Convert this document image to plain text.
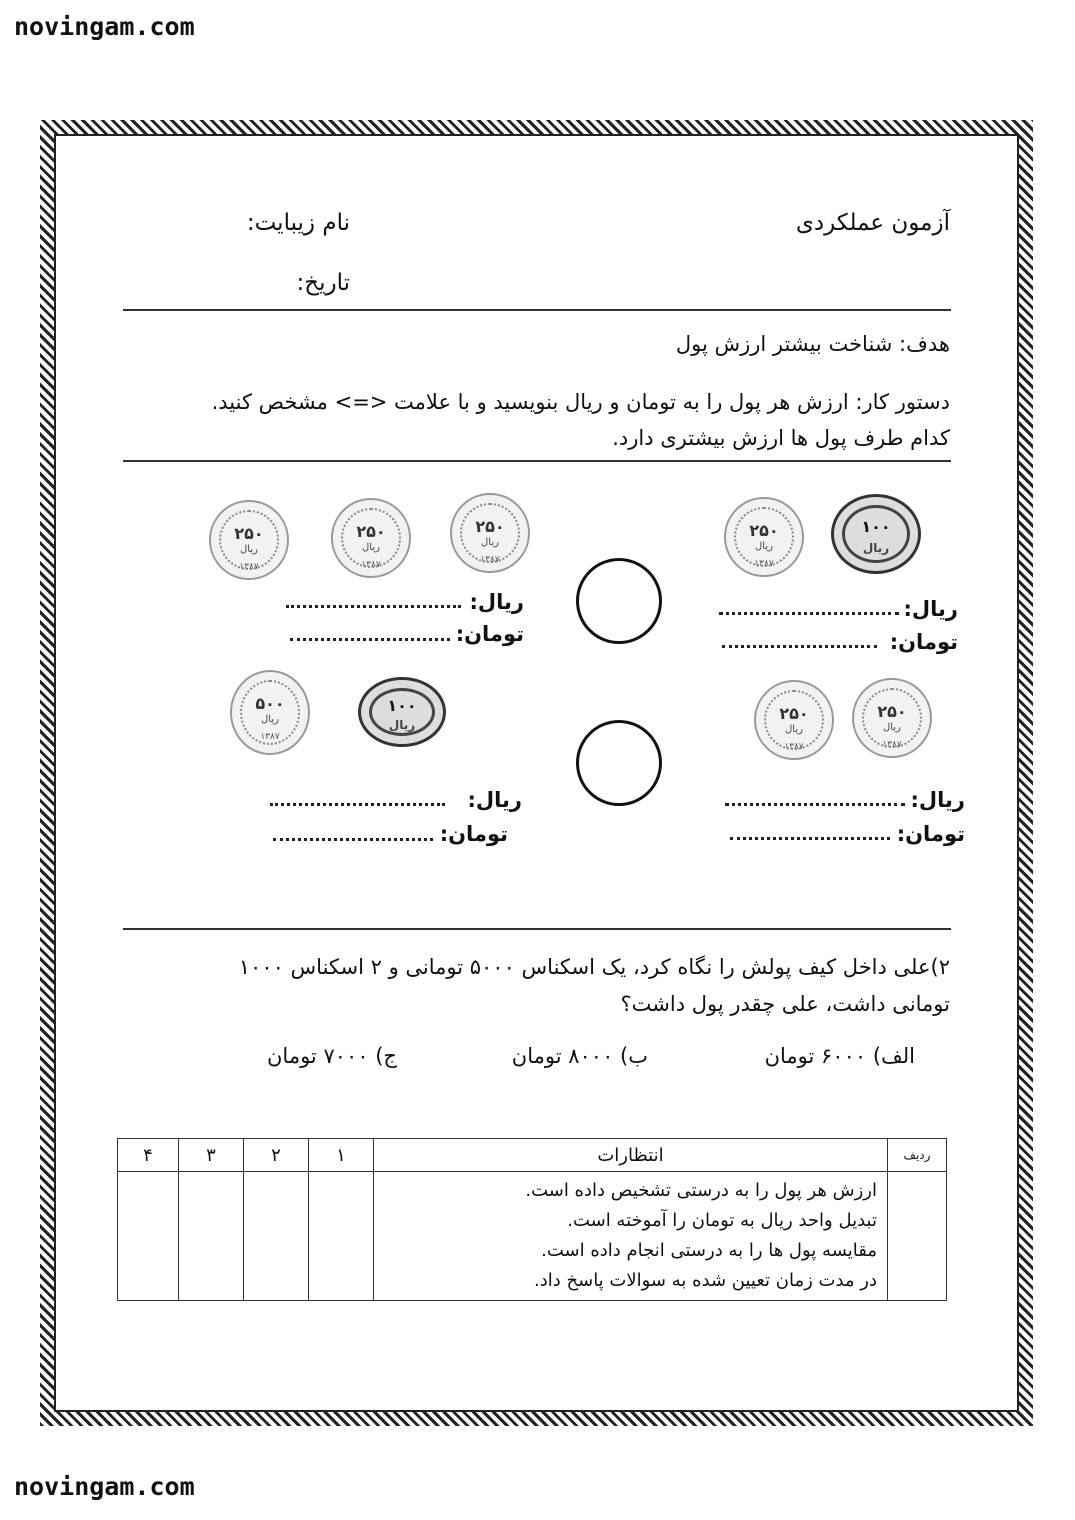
novingam.com
novingam.com
آزمون عملکردی
نام زیبایت:
تاریخ:
هدف: شناخت بیشتر ارزش پول
دستور کار: ارزش هر پول را به تومان و ریال بنویسید و با علامت <=> مشخص کنید.
کدام طرف پول ها ارزش بیشتری دارد.
۲۵۰
ریال
۱۳۸۷
۲۵۰
ریال
۱۳۸۷
۲۵۰
ریال
۱۳۸۷
۲۵۰
ریال
۱۳۸۷
۱۰۰
ریال
ریال:
تومان:
ریال:
تومان:
۵۰۰
ریال
۱۳۸۷
۱۰۰
ریال
۲۵۰
ریال
۱۳۸۷
۲۵۰
ریال
۱۳۸۷
ریال:
تومان:
ریال:
تومان:
۲)علی داخل کیف پولش را نگاه کرد، یک اسکناس ۵۰۰۰ تومانی و ۲ اسکناس ۱۰۰۰
تومانی داشت، علی چقدر پول داشت؟
الف) ۶۰۰۰ تومان
ب) ۸۰۰۰ تومان
ج) ۷۰۰۰ تومان
ردیف	انتظارات	۱	۲	۳	۴

	ارزش هر پول را به درستی تشخیص داده است.
تبدیل واحد ریال به تومان را آموخته است.
مقایسه پول ها را به درستی انجام داده است.
در مدت زمان تعیین شده به سوالات پاسخ داد.				
